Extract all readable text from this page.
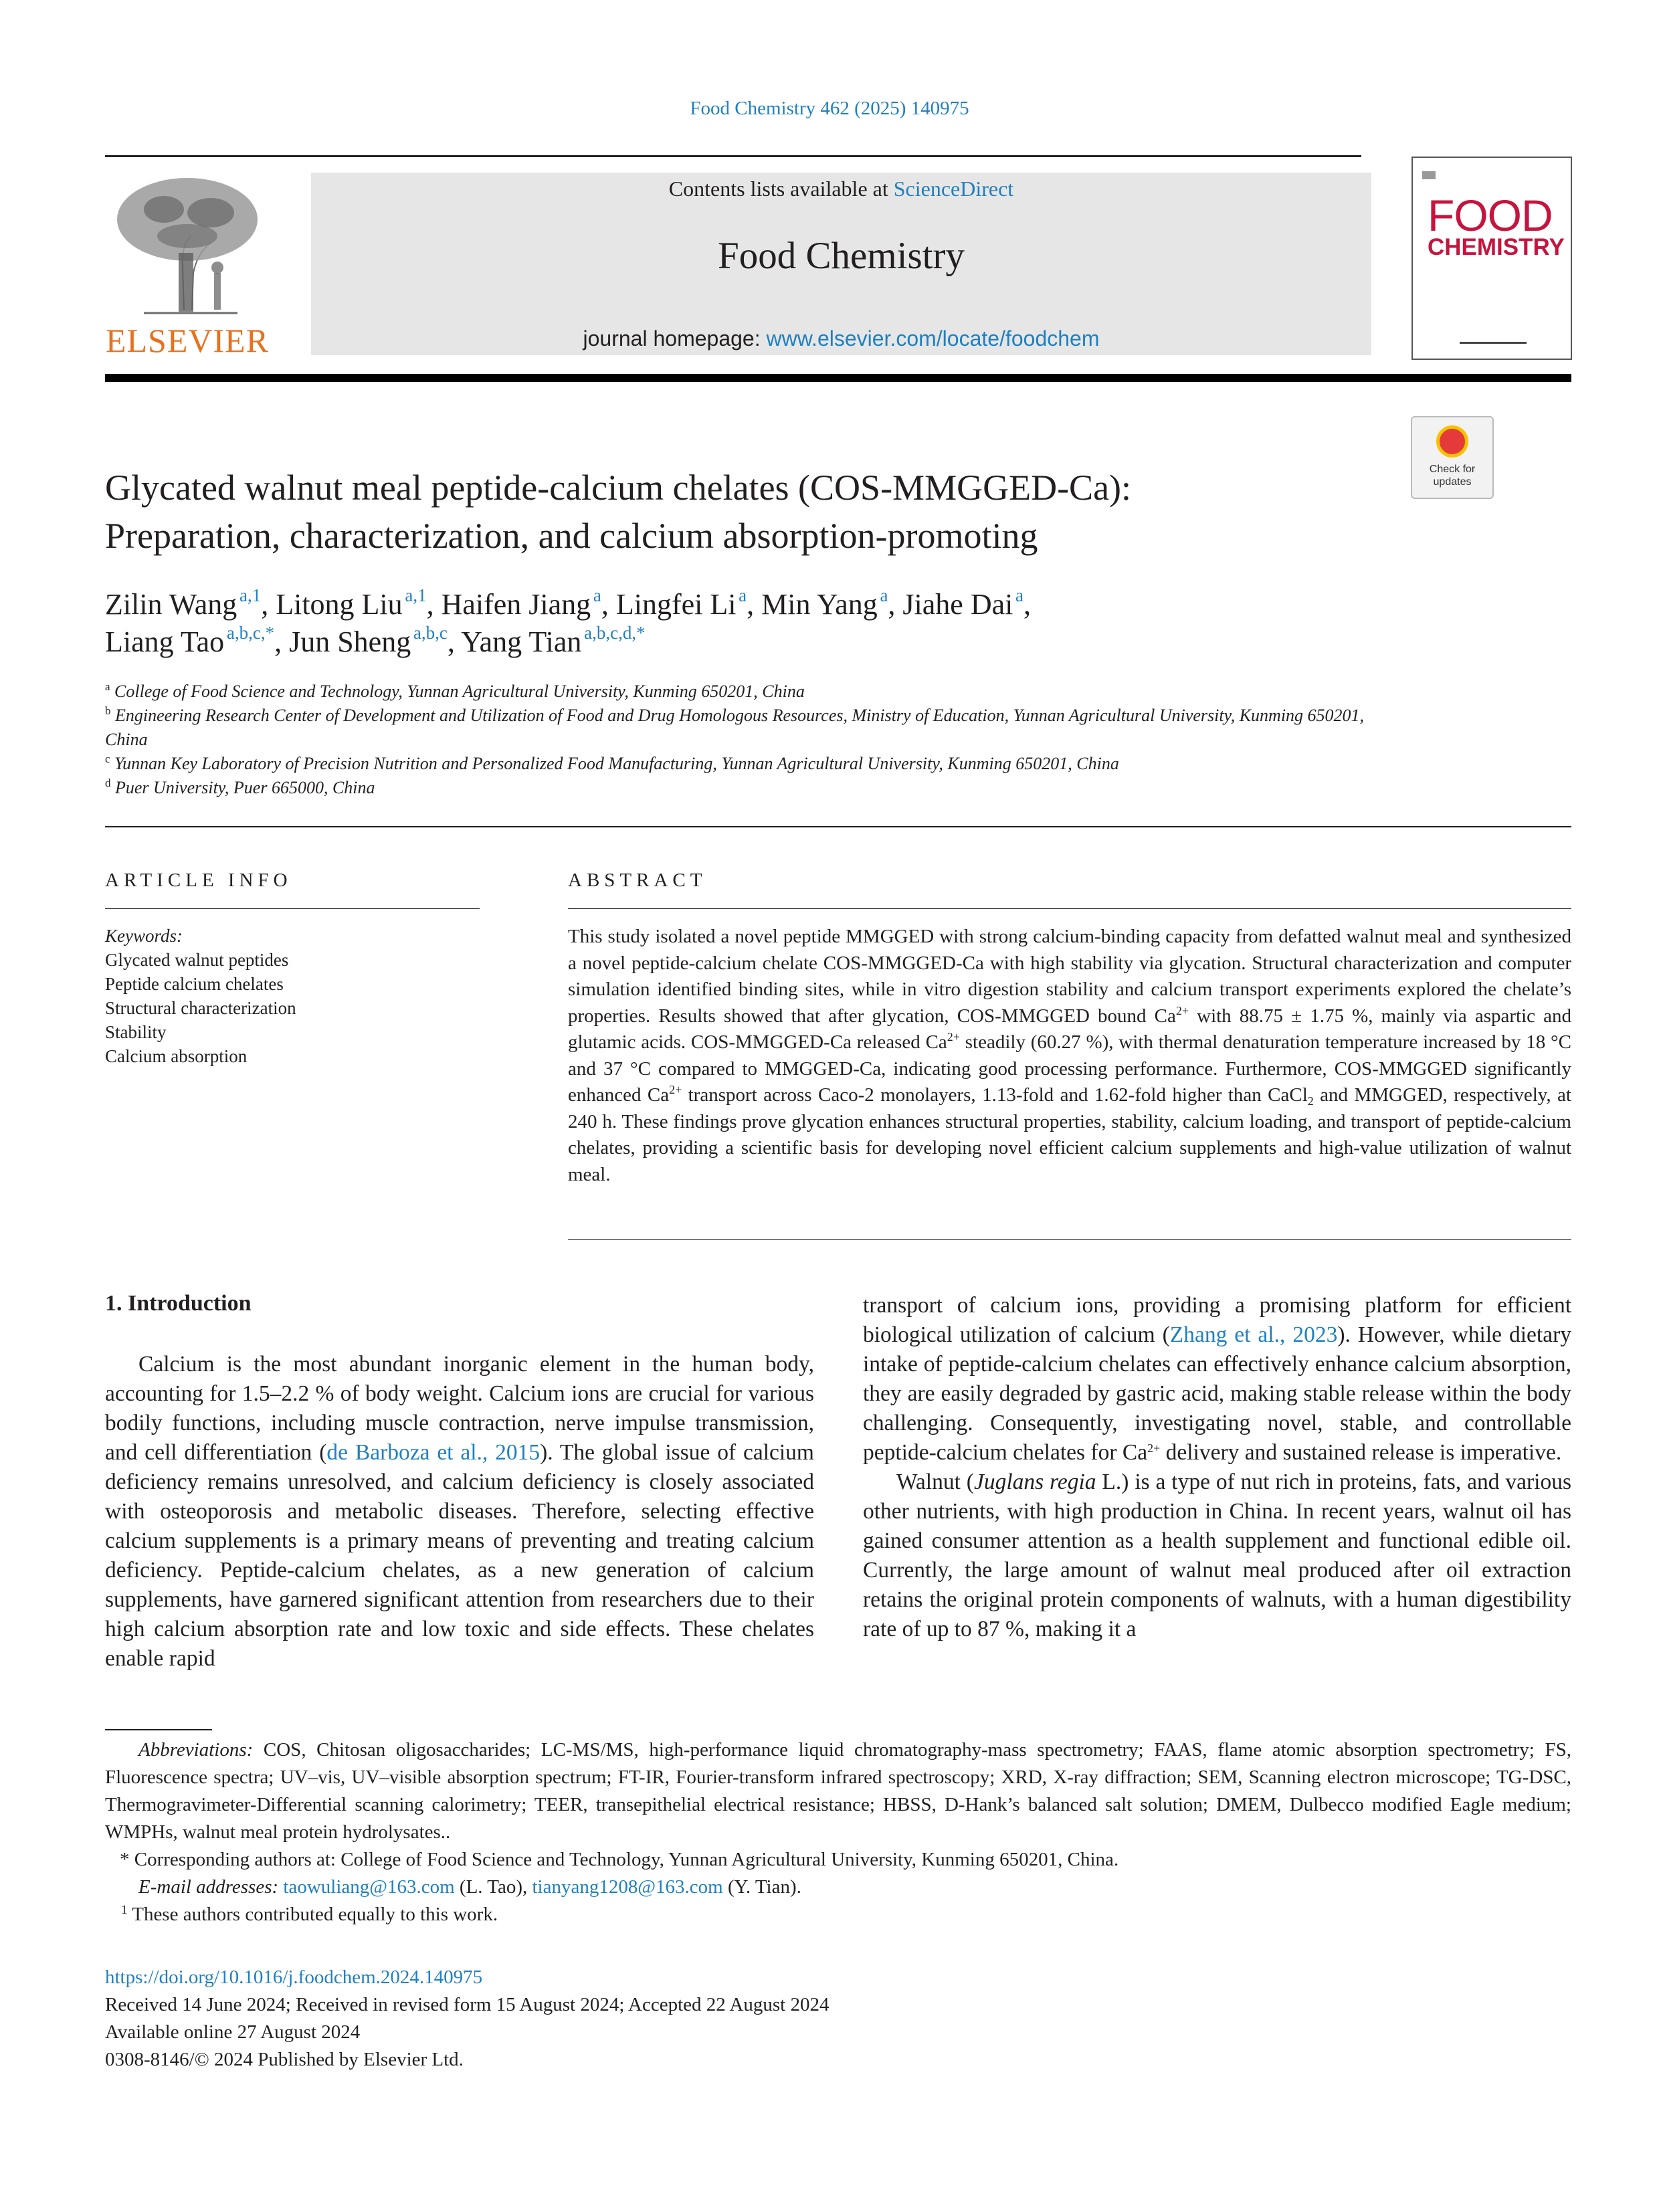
Food Chemistry 462 (2025) 140975
ELSEVIER
Contents lists available at ScienceDirect
Food Chemistry
journal homepage: www.elsevier.com/locate/foodchem
FOOD
CHEMISTRY
Check for updates
Glycated walnut meal peptide-calcium chelates (COS-MMGGED-Ca):
Preparation, characterization, and calcium absorption-promoting
Zilin Wang  $^{a,1}$, Litong Liu  $^{a,1}$, Haifen Jiang  $^a$, Lingfei Li  $^a$, Min Yang  $^a$, Jiahe Dai  $^a$,
Liang Tao  $^{a,b,c,*}$, Jun Sheng  $^{a,b,c}$, Yang Tian  $^{a,b,c,d,*}$
$^a$ College of Food Science and Technology, Yunnan Agricultural University, Kunming 650201, China
$^b$ Engineering Research Center of Development and Utilization of Food and Drug Homologous Resources, Ministry of Education, Yunnan Agricultural University, Kunming 650201, China
$^c$ Yunnan Key Laboratory of Precision Nutrition and Personalized Food Manufacturing, Yunnan Agricultural University, Kunming 650201, China
$^d$ Puer University, Puer 665000, China
ARTICLE INFO
Keywords:
Glycated walnut peptides
Peptide calcium chelates
Structural characterization
Stability
Calcium absorption
ABSTRACT
This study isolated a novel peptide MMGGED with strong calcium-binding capacity from defatted walnut meal and synthesized a novel peptide-calcium chelate COS-MMGGED-Ca with high stability via glycation. Structural characterization and computer simulation identified binding sites, while in vitro digestion stability and calcium transport experiments explored the chelate’s properties. Results showed that after glycation, COS-MMGGED bound $Ca^{2+}$ with 88.75 ± 1.75 %, mainly via aspartic and glutamic acids. COS-MMGGED-Ca released $Ca^{2+}$ steadily (60.27 %), with thermal denaturation temperature increased by 18 °C and 37 °C compared to MMGGED-Ca, indicating good processing performance. Furthermore, COS-MMGGED significantly enhanced $Ca^{2+}$ transport across Caco-2 monolayers, 1.13-fold and 1.62-fold higher than CaCl$_2$ and MMGGED, respectively, at 240 h. These findings prove glycation enhances structural properties, stability, calcium loading, and transport of peptide-calcium chelates, providing a scientific basis for developing novel efficient calcium supplements and high-value utilization of walnut meal.
1. Introduction

Calcium is the most abundant inorganic element in the human body, accounting for 1.5–2.2 % of body weight. Calcium ions are crucial for various bodily functions, including muscle contraction, nerve impulse transmission, and cell differentiation (de Barboza et al., 2015). The global issue of calcium deficiency remains unresolved, and calcium deficiency is closely associated with osteoporosis and metabolic diseases. Therefore, selecting effective calcium supplements is a primary means of preventing and treating calcium deficiency. Peptide-calcium chelates, as a new generation of calcium supplements, have garnered significant attention from researchers due to their high calcium absorption rate and low toxic and side effects. These chelates enable rapid

transport of calcium ions, providing a promising platform for efficient biological utilization of calcium (Zhang et al., 2023). However, while dietary intake of peptide-calcium chelates can effectively enhance calcium absorption, they are easily degraded by gastric acid, making stable release within the body challenging. Consequently, investigating novel, stable, and controllable peptide-calcium chelates for $Ca^{2+}$ delivery and sustained release is imperative.

Walnut (Juglans regia L.) is a type of nut rich in proteins, fats, and various other nutrients, with high production in China. In recent years, walnut oil has gained consumer attention as a health supplement and functional edible oil. Currently, the large amount of walnut meal produced after oil extraction retains the original protein components of walnuts, with a human digestibility rate of up to 87 %, making it a

Abbreviations: COS, Chitosan oligosaccharides; LC-MS/MS, high-performance liquid chromatography-mass spectrometry; FAAS, flame atomic absorption spectrometry; FS, Fluorescence spectra; UV–vis, UV–visible absorption spectrum; FT-IR, Fourier-transform infrared spectroscopy; XRD, X-ray diffraction; SEM, Scanning electron microscope; TG-DSC, Thermogravimeter-Differential scanning calorimetry; TEER, transepithelial electrical resistance; HBSS, D-Hank’s balanced salt solution; DMEM, Dulbecco modified Eagle medium; WMPHs, walnut meal protein hydrolysates..

* Corresponding authors at: College of Food Science and Technology, Yunnan Agricultural University, Kunming 650201, China.

E-mail addresses: taowuliang@163.com (L. Tao), tianyang1208@163.com (Y. Tian).

$^1$ These authors contributed equally to this work.

https://doi.org/10.1016/j.foodchem.2024.140975
Received 14 June 2024; Received in revised form 15 August 2024; Accepted 22 August 2024
Available online 27 August 2024
0308-8146/© 2024 Published by Elsevier Ltd.
